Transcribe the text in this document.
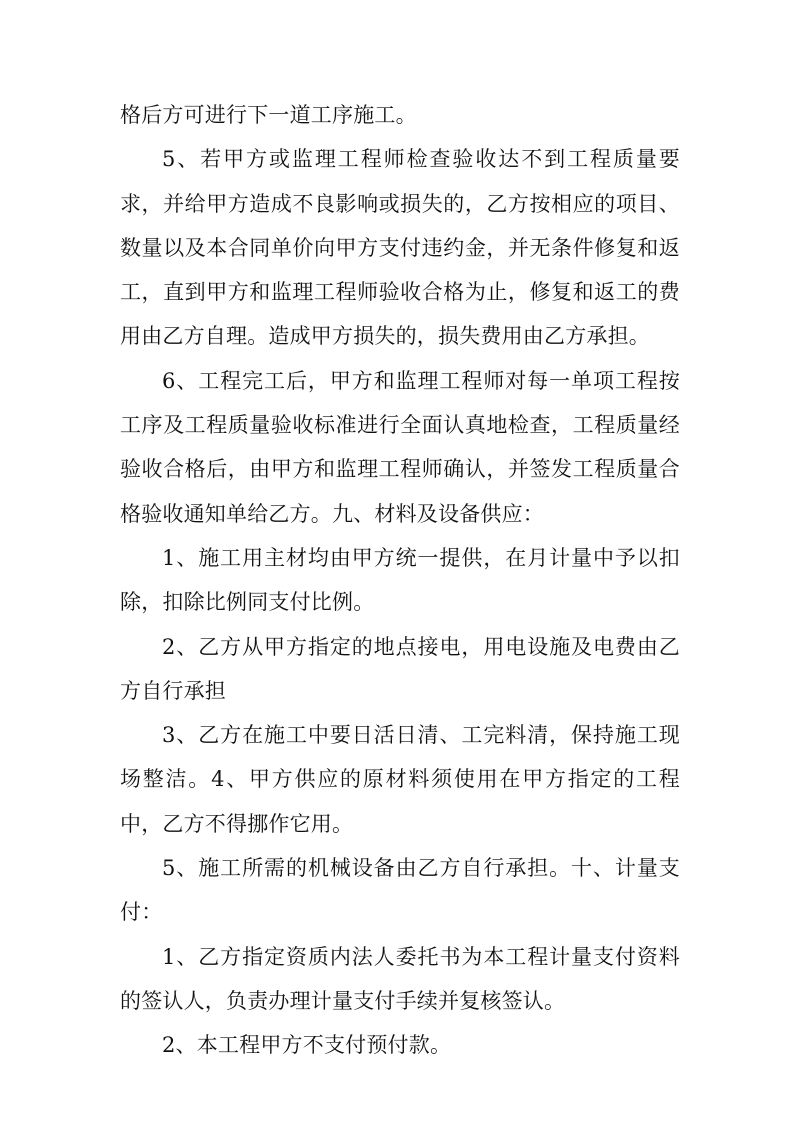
格后方可进行下一道工序施工。

5、若甲方或监理工程师检查验收达不到工程质量要求，并给甲方造成不良影响或损失的，乙方按相应的项目、数量以及本合同单价向甲方支付违约金，并无条件修复和返工，直到甲方和监理工程师验收合格为止，修复和返工的费用由乙方自理。造成甲方损失的，损失费用由乙方承担。

6、工程完工后，甲方和监理工程师对每一单项工程按工序及工程质量验收标准进行全面认真地检查，工程质量经验收合格后，由甲方和监理工程师确认，并签发工程质量合格验收通知单给乙方。九、材料及设备供应：

1、施工用主材均由甲方统一提供，在月计量中予以扣除，扣除比例同支付比例。

2、乙方从甲方指定的地点接电，用电设施及电费由乙方自行承担

3、乙方在施工中要日活日清、工完料清，保持施工现场整洁。4、甲方供应的原材料须使用在甲方指定的工程中，乙方不得挪作它用。

5、施工所需的机械设备由乙方自行承担。十、计量支付：

1、乙方指定资质内法人委托书为本工程计量支付资料的签认人，负责办理计量支付手续并复核签认。

2、本工程甲方不支付预付款。
